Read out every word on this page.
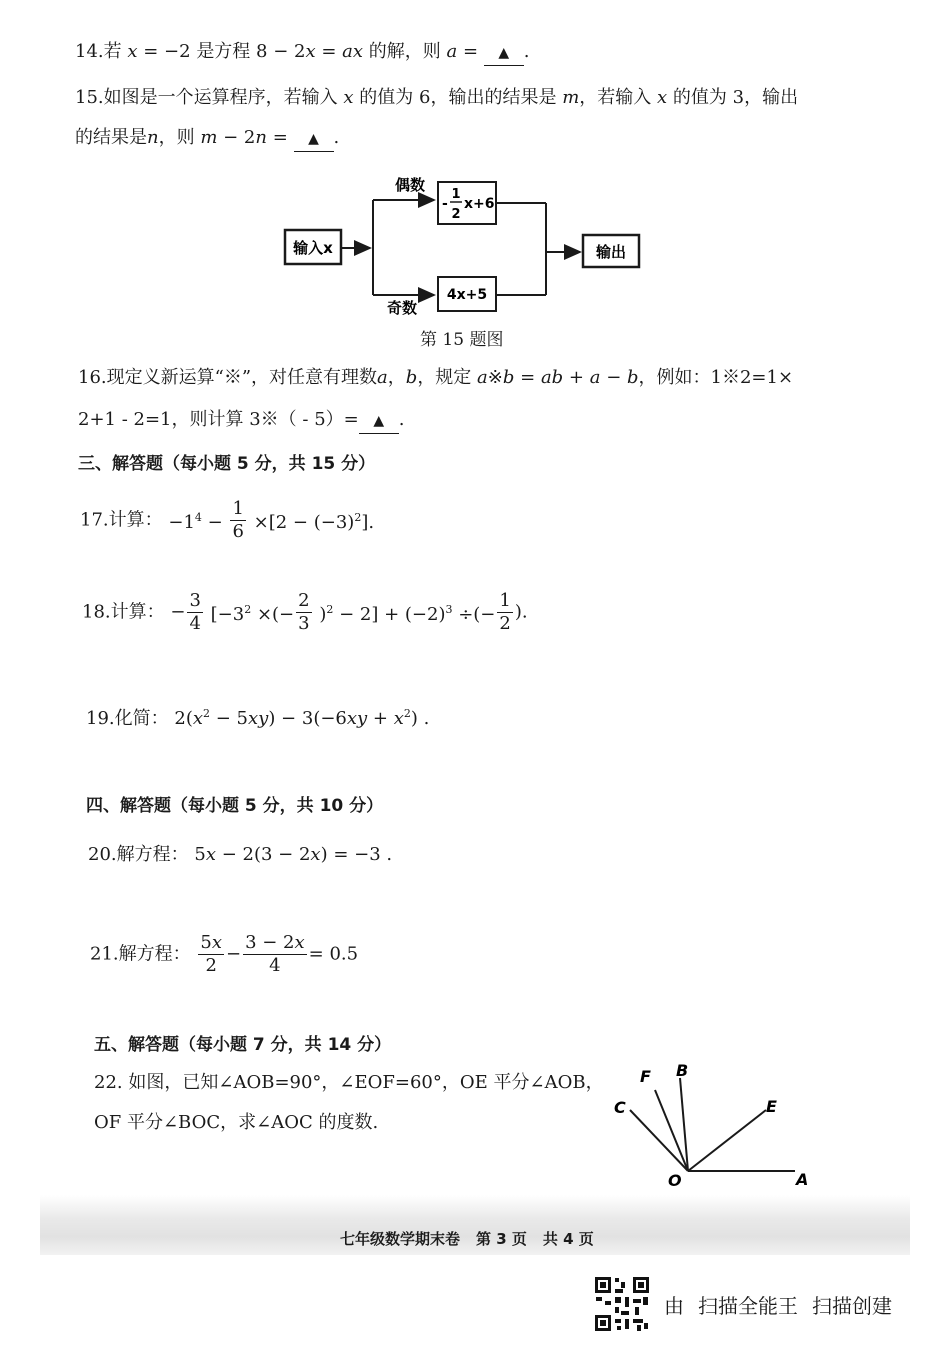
14.若 x = −2 是方程 8 − 2x = ax 的解，则 a = ▲ .
15.如图是一个运算程序，若输入 x 的值为 6，输出的结果是 m，若输入 x 的值为 3，输出
的结果是n，则 m − 2n = ▲ .
输入x
偶数
奇数
-
1
2
x+6
4x+5
输出
第 15 题图
16.现定义新运算“※”，对任意有理数a，b，规定 a※b = ab + a − b，例如：1※2=1×
2+1 - 2=1，则计算 3※（ - 5）= ▲ .
三、解答题（每小题 5 分，共 15 分）
17.计算： $-1^4 - \frac{1}{6} \times[2 - (-3)^2]$.
18.计算： − $\frac{3}{4} [-3^2$ ×(− $\frac{2}{3} )^2 - 2] + (-2)^3$ ÷(− $\frac{1}{2}$ ).
19.化简： $2(x^2 - 5xy) - 3(-6xy + x^2)$ .
四、解答题（每小题 5 分，共 10 分）
20.解方程： 5x − 2(3 − 2x) = −3 .
21.解方程： $\frac{5x}{2} - \frac{3 - 2x}{4} = 0.5$
五、解答题（每小题 7 分，共 14 分）
22. 如图，已知∠AOB=90°，∠EOF=60°，OE 平分∠AOB，
OF 平分∠BOC，求∠AOC 的度数.
F B
C	E
O	A
七年级数学期末卷 第 3 页 共 4 页
由 扫描全能王 扫描创建
